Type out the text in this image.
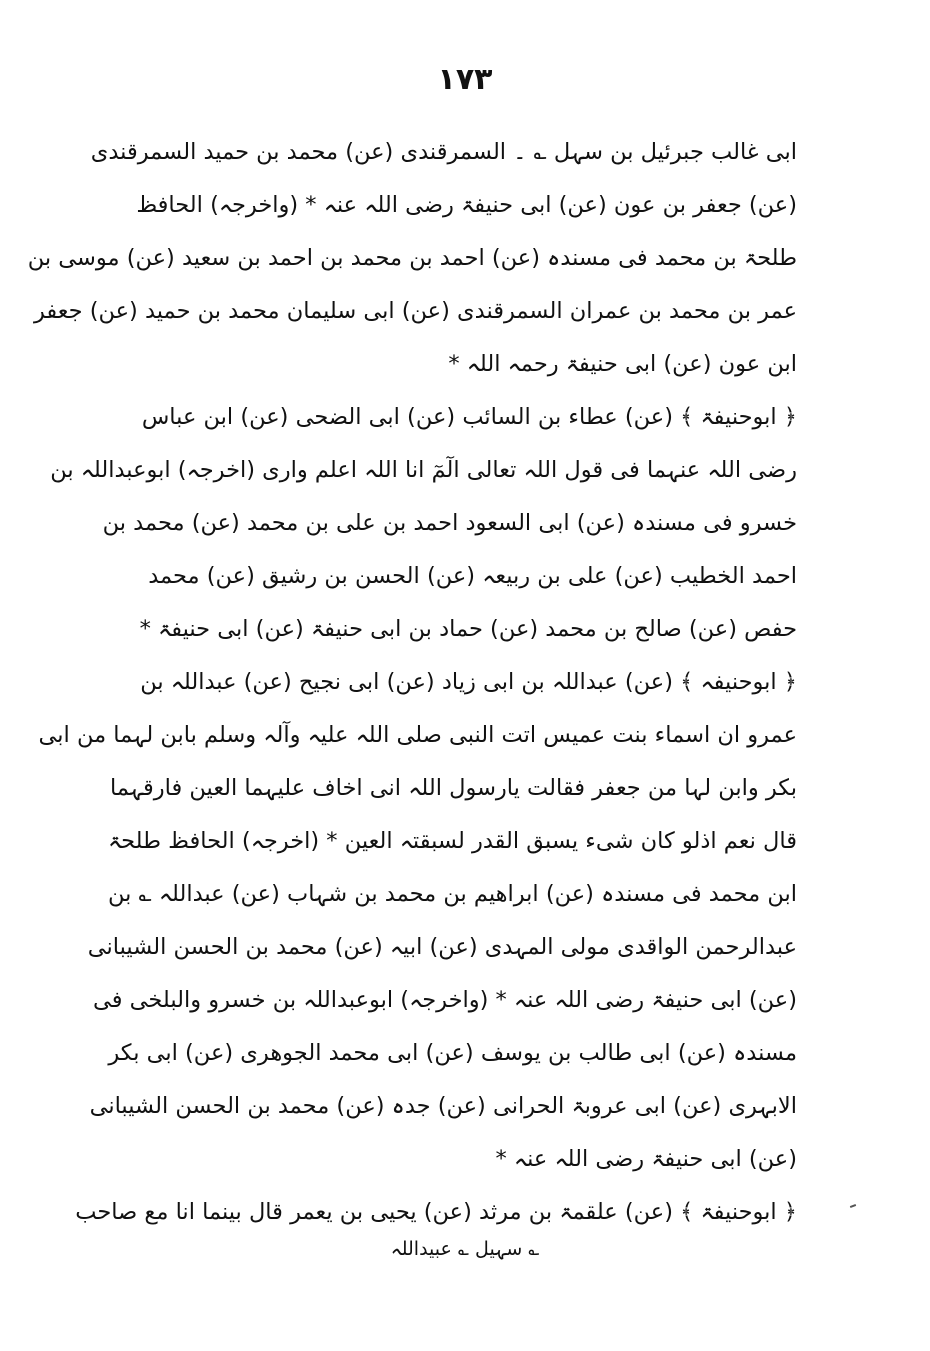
١٧٣
ابی غالب جبرئیل بن سہل ؎ ۔ السمرقندی (عن) محمد بن حمید السمرقندی
(عن) جعفر بن عون (عن) ابی حنیفۃ رضی اللہ عنہ * (واخرجہ) الحافظ
طلحۃ بن محمد فی مسندہ (عن) احمد بن محمد بن احمد بن سعید (عن) موسی بن
عمر بن محمد بن عمران السمرقندی (عن) ابی سلیمان محمد بن حمید (عن) جعفر
ابن عون (عن) ابی حنیفۃ رحمہ اللہ *
﴿ ابوحنیفۃ ﴾ (عن) عطاء بن السائب (عن) ابی الضحی (عن) ابن عباس
رضی اللہ عنہما فی قول اللہ تعالی الٓمٓ انا اللہ اعلم واری (اخرجہ) ابوعبداللہ بن
خسرو فی مسندہ (عن) ابی السعود احمد بن علی بن محمد (عن) محمد بن
احمد الخطیب (عن) علی بن ربیعہ (عن) الحسن بن رشیق (عن) محمد
حفص (عن) صالح بن محمد (عن) حماد بن ابی حنیفۃ (عن) ابی حنیفۃ *
﴿ ابوحنیفہ ﴾ (عن) عبداللہ بن ابی زیاد (عن) ابی نجیح (عن) عبداللہ بن
عمرو ان اسماء بنت عمیس اتت النبی صلی اللہ علیہ وآلہ وسلم بابن لہما من ابی
بکر وابن لہا من جعفر فقالت یارسول اللہ انی اخاف علیہما العین فارقہما
قال نعم اذلو کان شیء یسبق القدر لسبقتہ العین * (اخرجہ) الحافظ طلحۃ
ابن محمد فی مسندہ (عن) ابراھیم بن محمد بن شہاب (عن) عبداللہ ؎ بن
عبدالرحمن الواقدی مولی المہدی (عن) ابیہ (عن) محمد بن الحسن الشیبانی
(عن) ابی حنیفۃ رضی اللہ عنہ * (واخرجہ) ابوعبداللہ بن خسرو والبلخی فی
مسندہ (عن) ابی طالب بن یوسف (عن) ابی محمد الجوھری (عن) ابی بکر
الابہری (عن) ابی عروبۃ الحرانی (عن) جدہ (عن) محمد بن الحسن الشیبانی
(عن) ابی حنیفۃ رضی اللہ عنہ *
﴿ ابوحنیفۃ ﴾ (عن) علقمۃ بن مرثد (عن) یحیی بن یعمر قال بینما انا مع صاحب
؎ سہیل ؎ عبیداللہ
